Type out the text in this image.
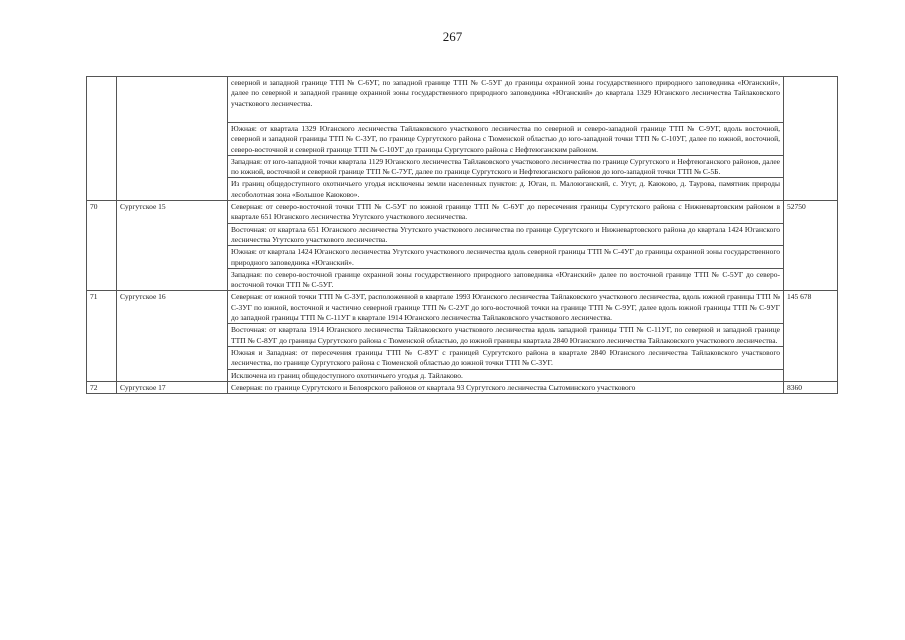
267
		северной и западной границе ТТП № С-6УГ, по западной границе ТТП № С-5УГ до границы охранной зоны государственного природного заповедника «Юганский», далее по северной и западной границе охранной зоны государственного природного заповедника «Юганский» до квартала 1329 Юганского лесничества Тайлаковского участкового лесничества.	
		Южная: от квартала 1329 Юганского лесничества Тайлаковского участкового лесничества по северной и северо-западной границе ТТП № С-9УГ, вдоль восточной, северной и западной границы ТТП № С-3УГ, по границе Сургутского района с Тюменской областью до юго-западной точки ТТП № С-10УГ, далее по южной, восточной, северо-восточной и северной границе ТТП № С-10УГ до границы Сургутского района с Нефтеюганским районом.	
		Западная: от юго-западной точки квартала 1129 Юганского лесничества Тайлаковского участкового лесничества по границе Сургутского и Нефтеюганского районов, далее по южной, восточной и северной границе ТТП № С-7УГ, далее по границе Сургутского и Нефтеюганского районов до юго-западной точки ТТП № С-5Б.	
		Из границ общедоступного охотничьего угодья исключены земли населенных пунктов: д. Юган, п. Малоюганский, с. Угут, д. Каюково, д. Таурова, памятник природы лесоболотная зона «Большое Каюково».	
70	Сургутское 15	Северная: от северо-восточной точки ТТП № С-5УГ по южной границе ТТП № С-6УГ до пересечения границы Сургутского района с Нижневартовским районом в квартале 651 Юганского лесничества Угутского участкового лесничества.	52750
		Восточная: от квартала 651 Юганского лесничества Угутского участкового лесничества по границе Сургутского и Нижневартовского района до квартала 1424 Юганского лесничества Угутского участкового лесничества.	
		Южная: от квартала 1424 Юганского лесничества Угутского участкового лесничества вдоль северной границы ТТП № С-4УГ до границы охранной зоны государственного природного заповедника «Юганский».	
		Западная: по северо-восточной границе охранной зоны государственного природного заповедника «Юганский» далее по восточной границе ТТП № С-5УГ до северо-восточной точки ТТП № С-5УГ.	
71	Сургутское 16	Северная: от южной точки ТТП № С-3УГ, расположенной в квартале 1993 Юганского лесничества Тайлаковского участкового лесничества, вдоль южной границы ТТП № С-3УГ по южной, восточной и частично северной границе ТТП № С-2УГ до юго-восточной точки на границе ТТП № С-9УГ, далее вдоль южной границы ТТП № С-9УГ до западной границы ТТП № С-11УГ в квартале 1914 Юганского лесничества Тайлаковского участкового лесничества.	145 678
		Восточная: от квартала 1914 Юганского лесничества Тайлаковского участкового лесничества вдоль западной границы ТТП № С-11УГ, по северной и западной границе ТТП № С-8УГ до границы Сургутского района с Тюменской областью, до южной границы квартала 2840 Юганского лесничества Тайлаковского участкового лесничества.	
		Южная и Западная: от пересечения границы ТТП № С-8УГ с границей Сургутского района в квартале 2840 Юганского лесничества Тайлаковского участкового лесничества, по границе Сургутского района с Тюменской областью до южной точки ТТП № С-3УГ.	
		Исключена из границ общедоступного охотничьего угодья д. Тайлаково.	
72	Сургутское 17	Северная: по границе Сургутского и Белоярского районов от квартала 93 Сургутского лесничества Сытоминского участкового	8360
